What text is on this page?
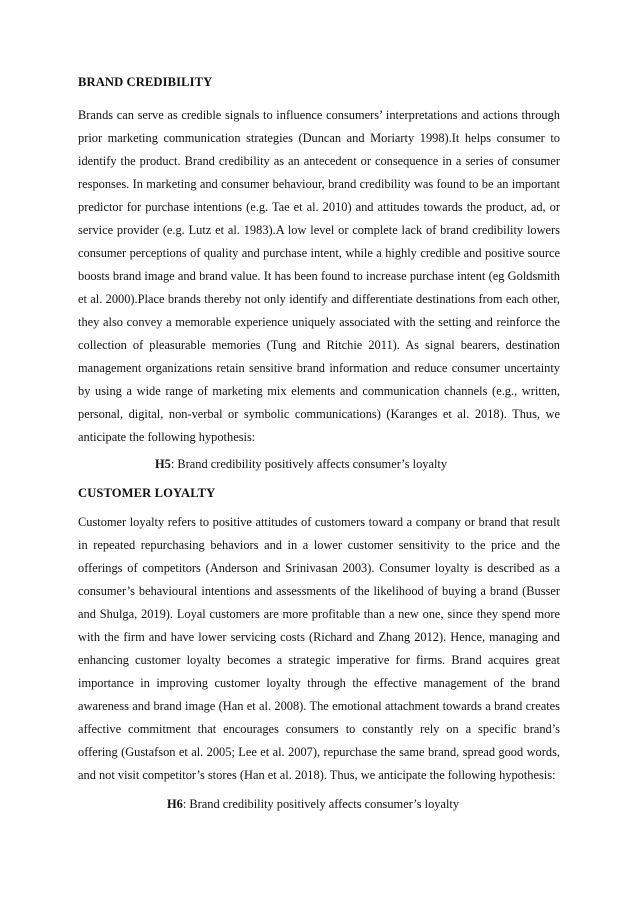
BRAND CREDIBILITY

Brands can serve as credible signals to influence consumers’ interpretations and actions through prior marketing communication strategies (Duncan and Moriarty 1998).It helps consumer to identify the product. Brand credibility as an antecedent or consequence in a series of consumer responses. In marketing and consumer behaviour, brand credibility was found to be an important predictor for purchase intentions (e.g. Tae et al. 2010) and attitudes towards the product, ad, or service provider (e.g. Lutz et al. 1983).A low level or complete lack of brand credibility lowers consumer perceptions of quality and purchase intent, while a highly credible and positive source boosts brand image and brand value. It has been found to increase purchase intent (eg Goldsmith et al. 2000).Place brands thereby not only identify and differentiate destinations from each other, they also convey a memorable experience uniquely associated with the setting and reinforce the collection of pleasurable memories (Tung and Ritchie 2011). As signal bearers, destination management organizations retain sensitive brand information and reduce consumer uncertainty by using a wide range of marketing mix elements and communication channels (e.g., written, personal, digital, non-verbal or symbolic communications) (Karanges et al. 2018). Thus, we anticipate the following hypothesis:

H5: Brand credibility positively affects consumer’s loyalty

CUSTOMER LOYALTY

Customer loyalty refers to positive attitudes of customers toward a company or brand that result in repeated repurchasing behaviors and in a lower customer sensitivity to the price and the offerings of competitors (Anderson and Srinivasan 2003). Consumer loyalty is described as a consumer’s behavioural intentions and assessments of the likelihood of buying a brand (Busser and Shulga, 2019). Loyal customers are more profitable than a new one, since they spend more with the firm and have lower servicing costs (Richard and Zhang 2012). Hence, managing and enhancing customer loyalty becomes a strategic imperative for firms. Brand acquires great importance in improving customer loyalty through the effective management of the brand awareness and brand image (Han et al. 2008). The emotional attachment towards a brand creates affective commitment that encourages consumers to constantly rely on a specific brand’s offering (Gustafson et al. 2005; Lee et al. 2007), repurchase the same brand, spread good words, and not visit competitor’s stores (Han et al. 2018). Thus, we anticipate the following hypothesis:

H6: Brand credibility positively affects consumer’s loyalty
